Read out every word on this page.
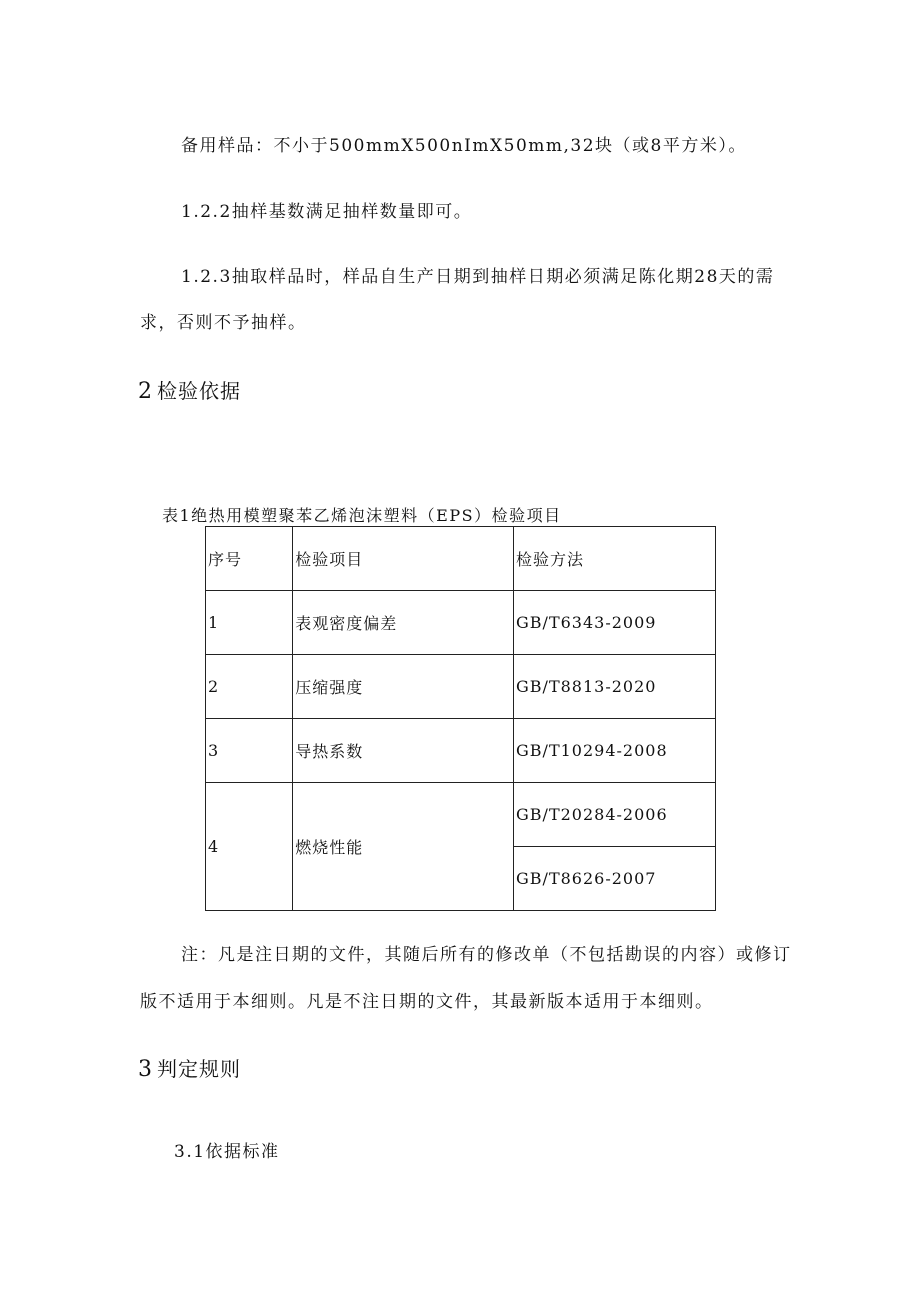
备用样品：不小于500mmX500nImX50mm,32块（或8平方米）。

1.2.2抽样基数满足抽样数量即可。

1.2.3抽取样品时，样品自生产日期到抽样日期必须满足陈化期28天的需

求，否则不予抽样。

2 检验依据
表1绝热用模塑聚苯乙烯泡沫塑料（EPS）检验项目
序号	检验项目	检验方法
1	表观密度偏差	GB/T6343-2009
2	压缩强度	GB/T8813-2020
3	导热系数	GB/T10294-2008
4	燃烧性能	GB/T20284-2006
		GB/T8626-2007

注：凡是注日期的文件，其随后所有的修改单（不包括勘误的内容）或修订

版不适用于本细则。凡是不注日期的文件，其最新版本适用于本细则。

3 判定规则

3.1依据标准
